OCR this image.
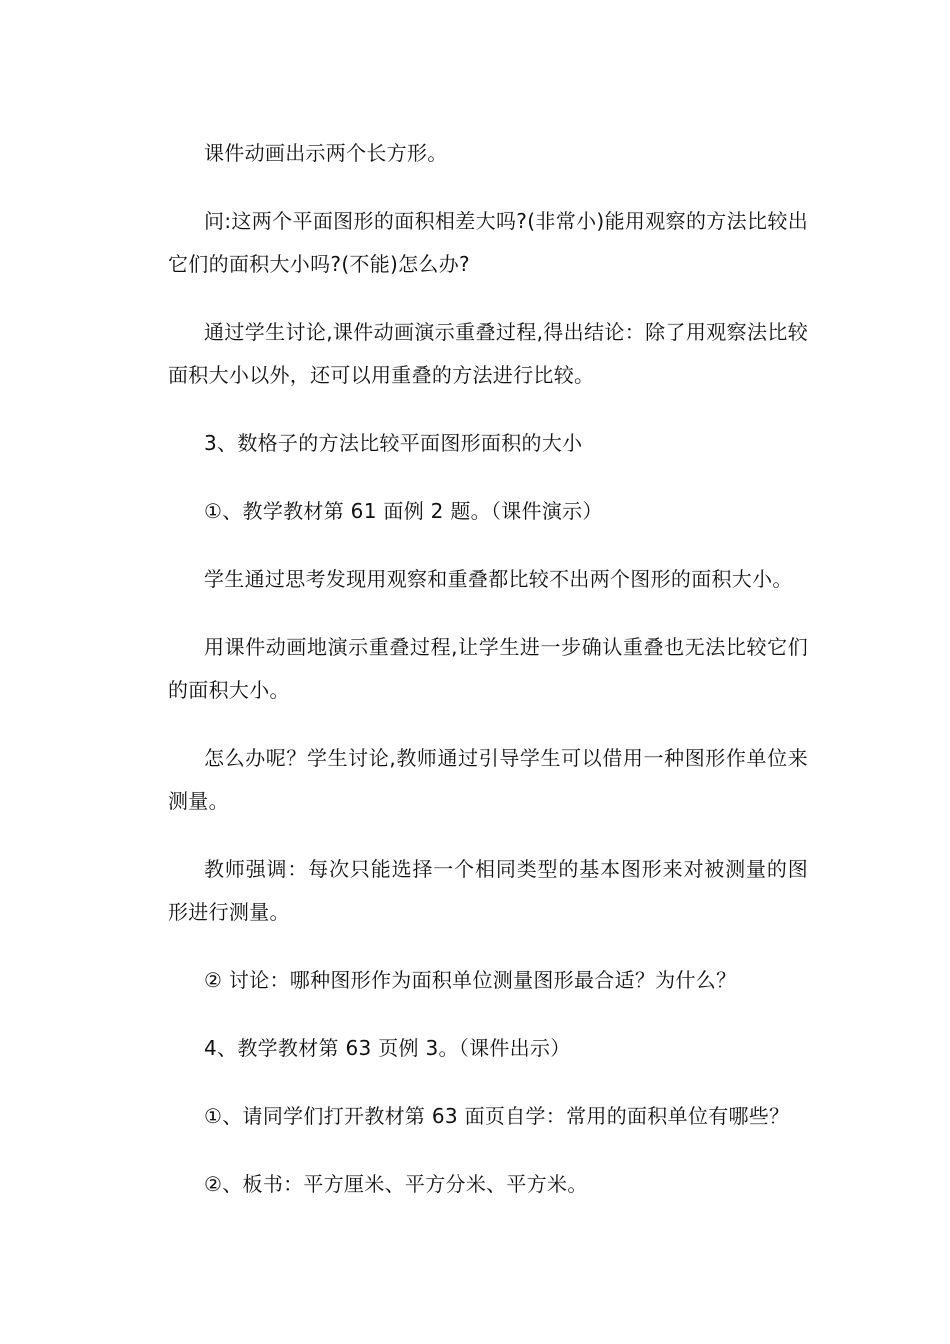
课件动画出示两个长方形。

问:这两个平面图形的面积相差大吗?(非常小)能用观察的方法比较出它们的面积大小吗?(不能)怎么办?

通过学生讨论,课件动画演示重叠过程,得出结论：除了用观察法比较面积大小以外，还可以用重叠的方法进行比较。

3、数格子的方法比较平面图形面积的大小

①、教学教材第 61 面例 2 题。（课件演示）

学生通过思考发现用观察和重叠都比较不出两个图形的面积大小。

用课件动画地演示重叠过程,让学生进一步确认重叠也无法比较它们的面积大小。

怎么办呢？学生讨论,教师通过引导学生可以借用一种图形作单位来测量。

教师强调：每次只能选择一个相同类型的基本图形来对被测量的图形进行测量。

② 讨论：哪种图形作为面积单位测量图形最合适？为什么？

4、教学教材第 63 页例 3。（课件出示）

①、请同学们打开教材第 63 面页自学：常用的面积单位有哪些？

②、板书：平方厘米、平方分米、平方米。
